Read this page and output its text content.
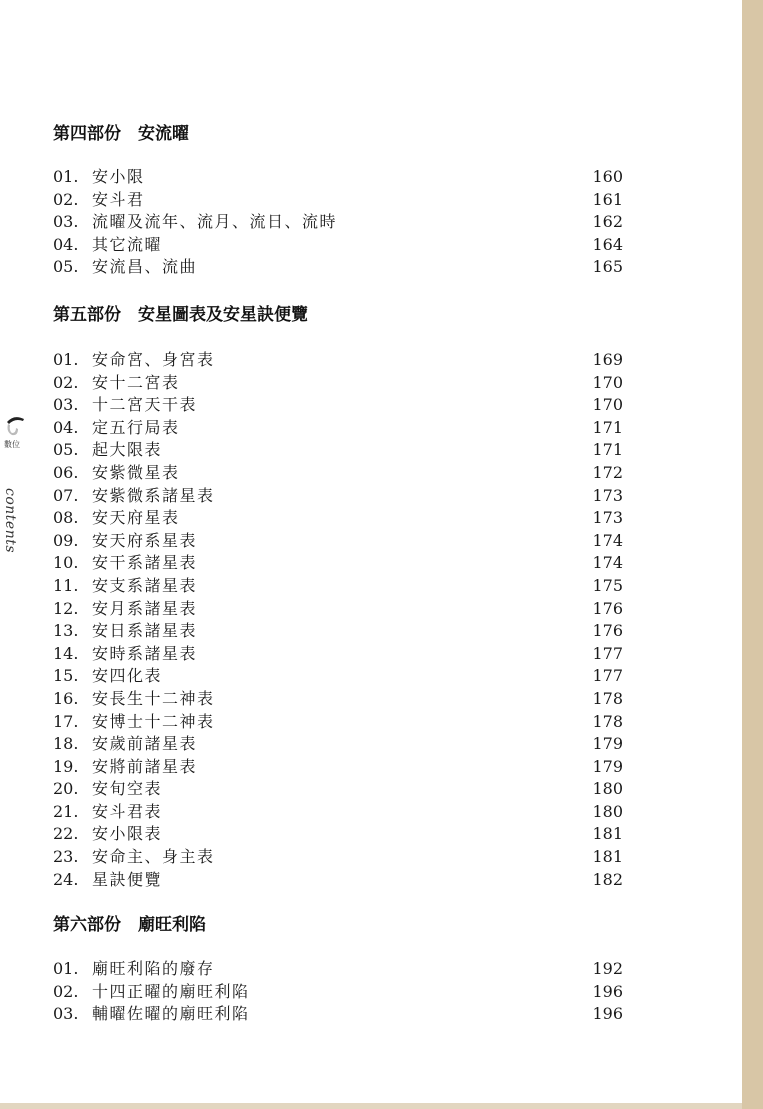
數位
contents
第四部份　安流曜
01. 安小限	160
02. 安斗君	161
03. 流曜及流年、流月、流日、流時	162
04. 其它流曜	164
05. 安流昌、流曲	165
第五部份　安星圖表及安星訣便覽
01. 安命宮、身宮表	169
02. 安十二宮表	170
03. 十二宮天干表	170
04. 定五行局表	171
05. 起大限表	171
06. 安紫微星表	172
07. 安紫微系諸星表	173
08. 安天府星表	173
09. 安天府系星表	174
10. 安干系諸星表	174
11. 安支系諸星表	175
12. 安月系諸星表	176
13. 安日系諸星表	176
14. 安時系諸星表	177
15. 安四化表	177
16. 安長生十二神表	178
17. 安博士十二神表	178
18. 安歲前諸星表	179
19. 安將前諸星表	179
20. 安旬空表	180
21. 安斗君表	180
22. 安小限表	181
23. 安命主、身主表	181
24. 星訣便覽	182
第六部份　廟旺利陷
01. 廟旺利陷的廢存	192
02. 十四正曜的廟旺利陷	196
03. 輔曜佐曜的廟旺利陷	196
